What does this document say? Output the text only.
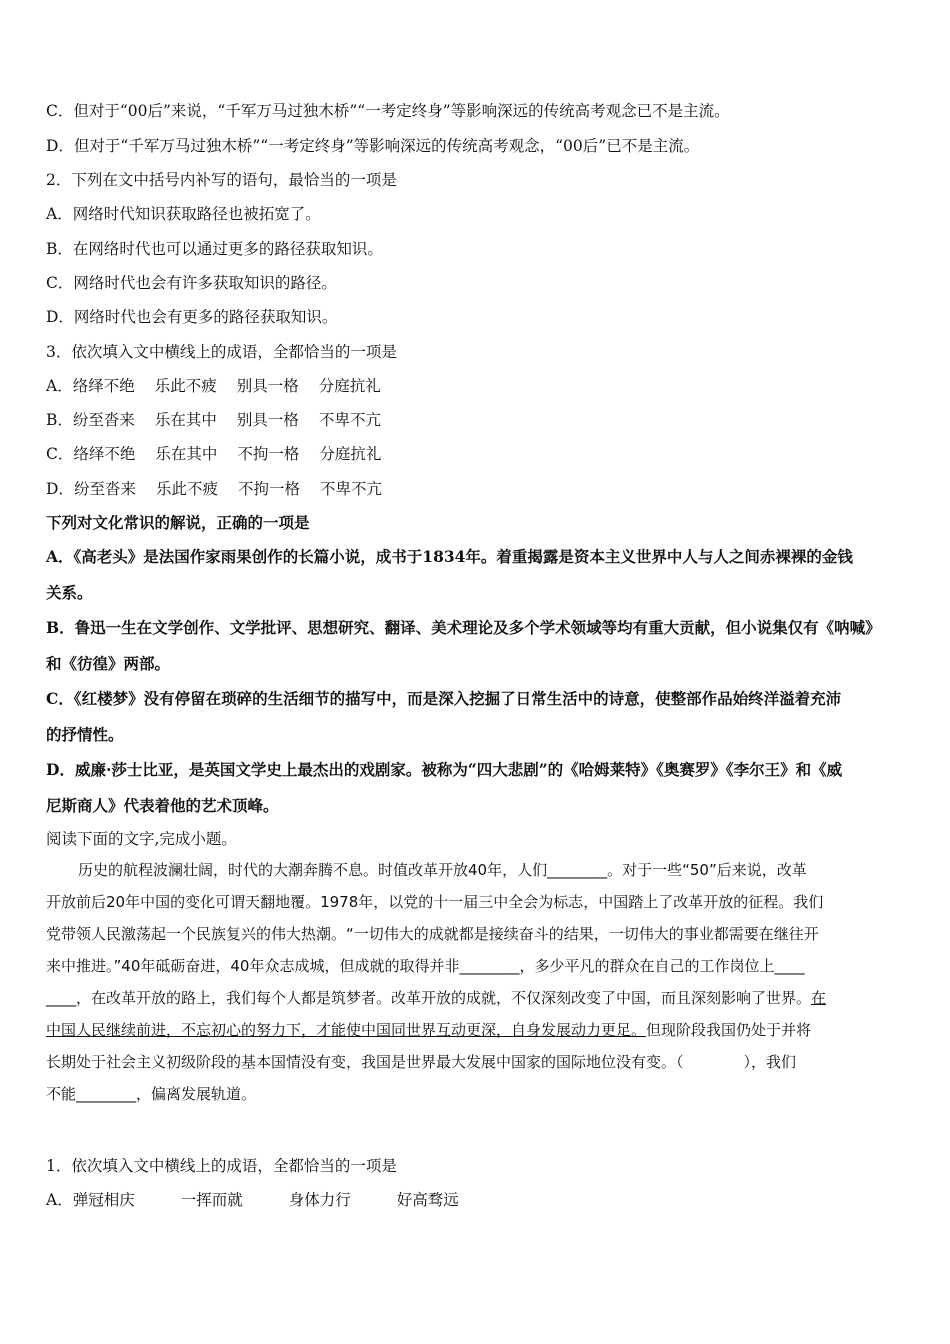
C．但对于“00后”来说，“千军万马过独木桥”“一考定终身”等影响深远的传统高考观念已不是主流。
D．但对于“千军万马过独木桥”“一考定终身”等影响深远的传统高考观念，“00后”已不是主流。
2．下列在文中括号内补写的语句，最恰当的一项是
A．网络时代知识获取路径也被拓宽了。
B．在网络时代也可以通过更多的路径获取知识。
C．网络时代也会有许多获取知识的路径。
D．网络时代也会有更多的路径获取知识。
3．依次填入文中横线上的成语，全都恰当的一项是
A．络绎不绝 乐此不疲 别具一格 分庭抗礼
B．纷至沓来 乐在其中 别具一格 不卑不亢
C．络绎不绝 乐在其中 不拘一格 分庭抗礼
D．纷至沓来 乐此不疲 不拘一格 不卑不亢
下列对文化常识的解说，正确的一项是
A．《高老头》是法国作家雨果创作的长篇小说，成书于1834年。着重揭露是资本主义世界中人与人之间赤裸裸的金钱
关系。
B．鲁迅一生在文学创作、文学批评、思想研究、翻译、美术理论及多个学术领域等均有重大贡献，但小说集仅有《呐喊》
和《彷徨》两部。
C．《红楼梦》没有停留在琐碎的生活细节的描写中，而是深入挖掘了日常生活中的诗意，使整部作品始终洋溢着充沛
的抒情性。
D．威廉·莎士比亚，是英国文学史上最杰出的戏剧家。被称为“四大悲剧”的《哈姆莱特》《奥赛罗》《李尔王》和《威
尼斯商人》代表着他的艺术顶峰。
阅读下面的文字,完成小题。
历史的航程波澜壮阔，时代的大潮奔腾不息。时值改革开放40年，人们________。对于一些“50”后来说，改革
开放前后20年中国的变化可谓天翻地覆。1978年，以党的十一届三中全会为标志，中国踏上了改革开放的征程。我们
党带领人民激荡起一个民族复兴的伟大热潮。“一切伟大的成就都是接续奋斗的结果，一切伟大的事业都需要在继往开
来中推进。”40年砥砺奋进，40年众志成城，但成就的取得并非________，多少平凡的群众在自己的工作岗位上____
____，在改革开放的路上，我们每个人都是筑梦者。改革开放的成就，不仅深刻改变了中国，而且深刻影响了世界。在
中国人民继续前进，不忘初心的努力下，才能使中国同世界互动更深，自身发展动力更足。但现阶段我国仍处于并将
长期处于社会主义初级阶段的基本国情没有变，我国是世界最大发展中国家的国际地位没有变。（　　　　），我们
不能________，偏离发展轨道。
1．依次填入文中横线上的成语，全都恰当的一项是
A．弹冠相庆	一挥而就	身体力行	好高骛远
